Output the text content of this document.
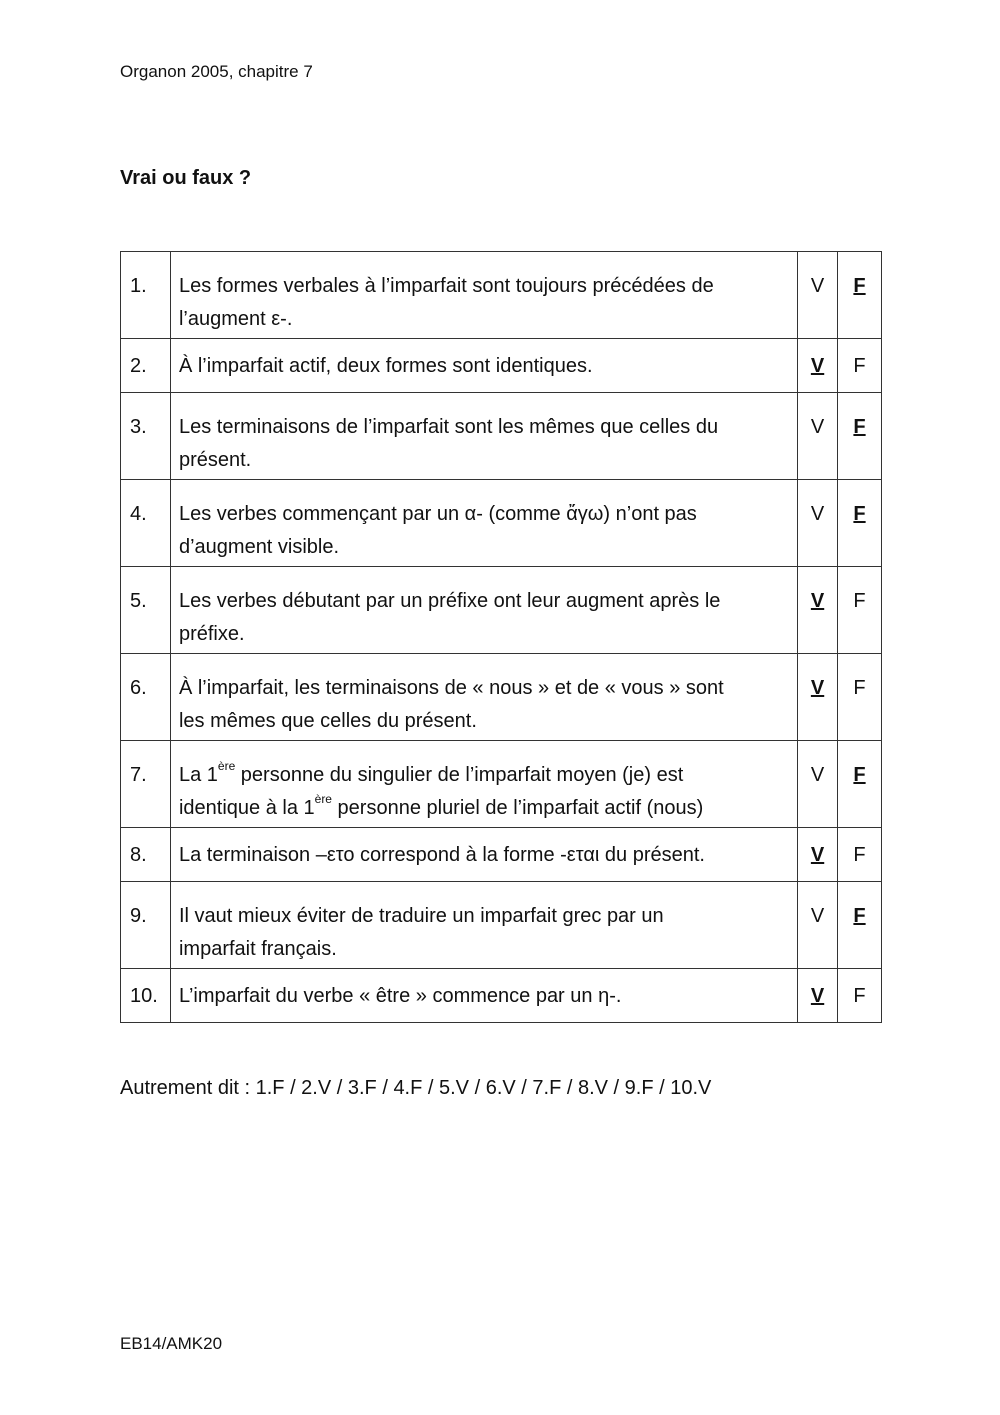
Organon 2005, chapitre 7
Vrai ou faux ?
1.	Les formes verbales à l’imparfait sont toujours précédées de
l’augment ε-.	V	F

2.	À l’imparfait actif, deux formes sont identiques.	V	F

3.	Les terminaisons de l’imparfait sont les mêmes que celles du
présent.	V	F

4.	Les verbes commençant par un α- (comme ἄγω) n’ont pas
d’augment visible.	V	F

5.	Les verbes débutant par un préfixe ont leur augment après le
préfixe.	V	F

6.	À l’imparfait, les terminaisons de « nous » et de « vous » sont
les mêmes que celles du présent.	V	F

7.	La 1ère personne du singulier de l’imparfait moyen (je) est
identique à la 1ère personne pluriel de l’imparfait actif (nous)	V	F

8.	La terminaison –ετο correspond à la forme -εται du présent.	V	F

9.	Il vaut mieux éviter de traduire un imparfait grec par un
imparfait français.	V	F

10.	L’imparfait du verbe « être » commence par un η-.	V	F
Autrement dit : 1.F / 2.V / 3.F / 4.F / 5.V / 6.V / 7.F / 8.V / 9.F / 10.V
EB14/AMK20
